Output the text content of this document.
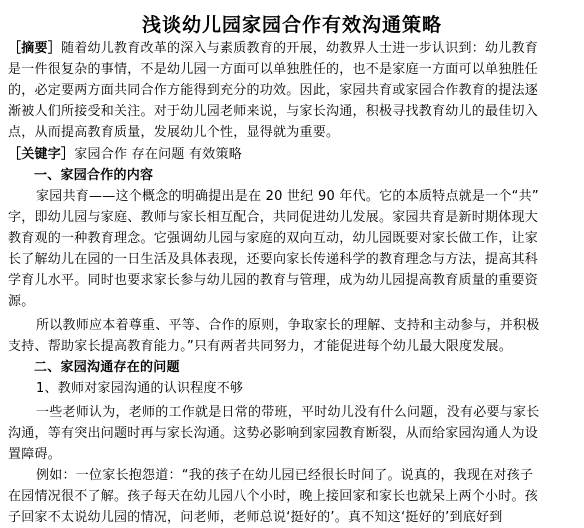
浅谈幼儿园家园合作有效沟通策略
［摘要］随着幼儿教育改革的深入与素质教育的开展，幼教界人士进一步认识到：幼儿教育
是一件很复杂的事情，不是幼儿园一方面可以单独胜任的，也不是家庭一方面可以单独胜任
的，必定要两方面共同合作方能得到充分的功效。因此，家园共育或家园合作教育的提法逐
渐被人们所接受和关注。对于幼儿园老师来说，与家长沟通，积极寻找教育幼儿的最佳切入
点，从而提高教育质量，发展幼儿个性，显得就为重要。
［关键字］家园合作 存在问题 有效策略
一、家园合作的内容
家园共育——这个概念的明确提出是在 20 世纪 90 年代。它的本质特点就是一个“共”
字，即幼儿园与家庭、教师与家长相互配合，共同促进幼儿发展。家园共育是新时期体现大
教育观的一种教育理念。它强调幼儿园与家庭的双向互动，幼儿园既要对家长做工作，让家
长了解幼儿在园的一日生活及具体表现，还要向家长传递科学的教育理念与方法，提高其科
学育儿水平。同时也要求家长参与幼儿园的教育与管理，成为幼儿园提高教育质量的重要资
源。
所以教师应本着尊重、平等、合作的原则，争取家长的理解、支持和主动参与，并积极
支持、帮助家长提高教育能力。”只有两者共同努力，才能促进每个幼儿最大限度发展。
二、家园沟通存在的问题
1、教师对家园沟通的认识程度不够
一些老师认为，老师的工作就是日常的带班，平时幼儿没有什么问题，没有必要与家长
沟通，等有突出问题时再与家长沟通。这势必影响到家园教育断裂，从而给家园沟通人为设
置障碍。
例如：一位家长抱怨道：“我的孩子在幼儿园已经很长时间了。说真的，我现在对孩子
在园情况很不了解。孩子每天在幼儿园八个小时，晚上接回家和家长也就呆上两个小时。孩
子回家不太说幼儿园的情况，问老师，老师总说‘挺好的’。真不知这‘挺好的’到底好到
